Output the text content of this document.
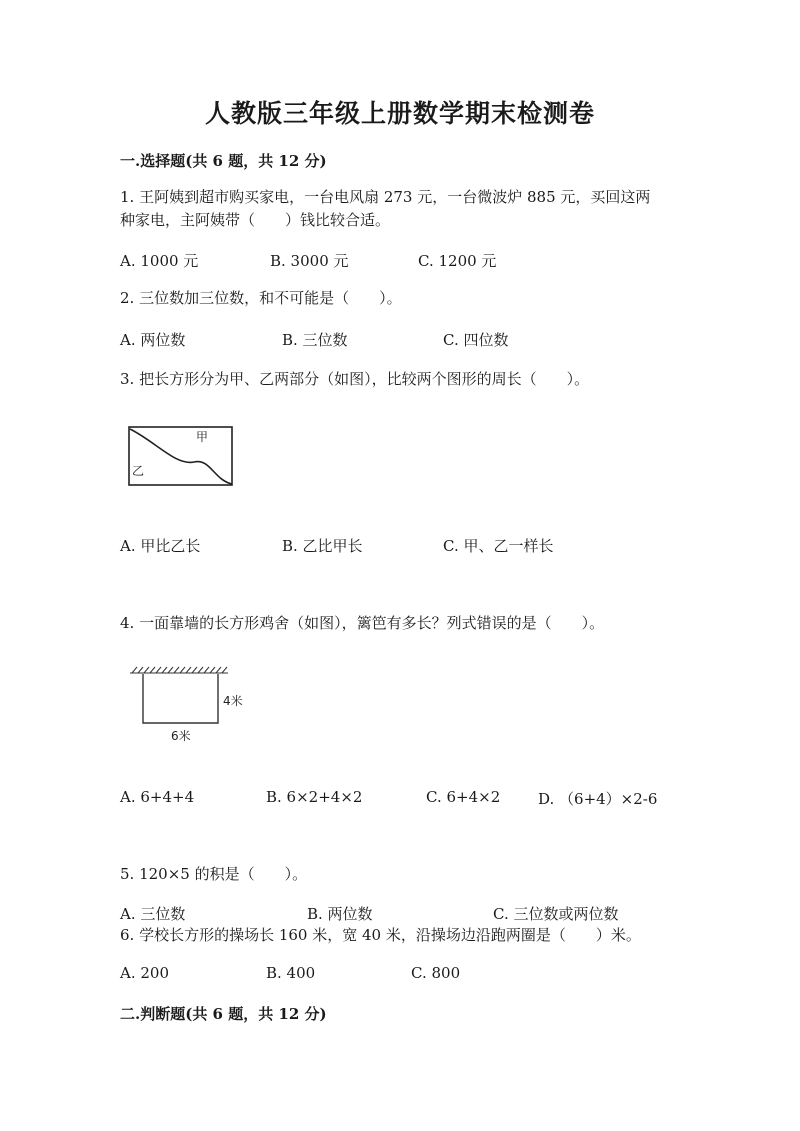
人教版三年级上册数学期末检测卷
一.选择题(共 6 题，共 12 分)
1. 王阿姨到超市购买家电，一台电风扇 273 元，一台微波炉 885 元，买回这两
种家电，主阿姨带（　　）钱比较合适。
A. 1000 元	B. 3000 元	C. 1200 元
2. 三位数加三位数，和不可能是（　　）。
A. 两位数	B. 三位数	C. 四位数
3. 把长方形分为甲、乙两部分（如图），比较两个图形的周长（　　）。
甲
乙
A. 甲比乙长	B. 乙比甲长	C. 甲、乙一样长
4. 一面靠墙的长方形鸡舍（如图），篱笆有多长？列式错误的是（　　）。
4米
6米
A. 6+4+4	B. 6×2+4×2	C. 6+4×2	D. （6+4）×2-6
5. 120×5 的积是（　　）。
A. 三位数	B. 两位数	C. 三位数或两位数
6. 学校长方形的操场长 160 米，宽 40 米，沿操场边沿跑两圈是（　　）米。
A. 200	B. 400	C. 800
二.判断题(共 6 题，共 12 分)
